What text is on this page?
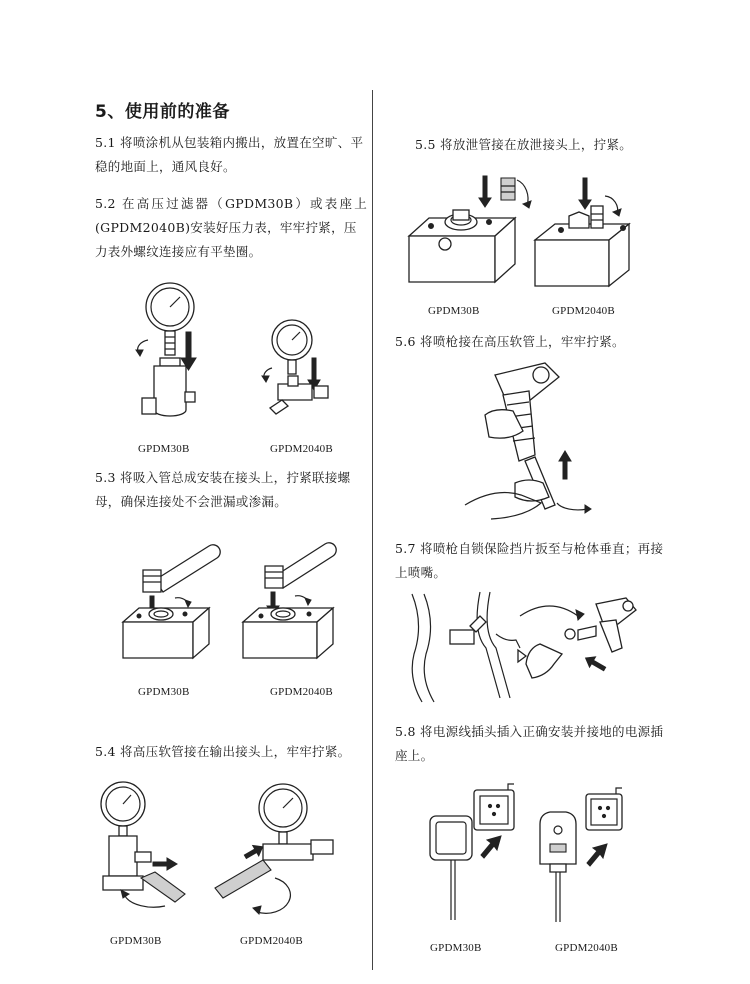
5、使用前的准备
5.1 将喷涂机从包装箱内搬出，放置在空旷、平稳的地面上，通风良好。
5.2 在高压过滤器（GPDM30B）或表座上
(GPDM2040B)安装好压力表，牢牢拧紧，压力表外螺纹连接应有平垫圈。
GPDM30B	GPDM2040B
5.3 将吸入管总成安装在接头上，拧紧联接螺母，确保连接处不会泄漏或渗漏。
GPDM30B	GPDM2040B
5.4 将高压软管接在输出接头上，牢牢拧紧。
GPDM30B	GPDM2040B
5.5 将放泄管接在放泄接头上，拧紧。
GPDM30B	GPDM2040B
5.6 将喷枪接在高压软管上，牢牢拧紧。
5.7 将喷枪自锁保险挡片扳至与枪体垂直；再接上喷嘴。
5.8 将电源线插头插入正确安装并接地的电源插座上。
GPDM30B	GPDM2040B
